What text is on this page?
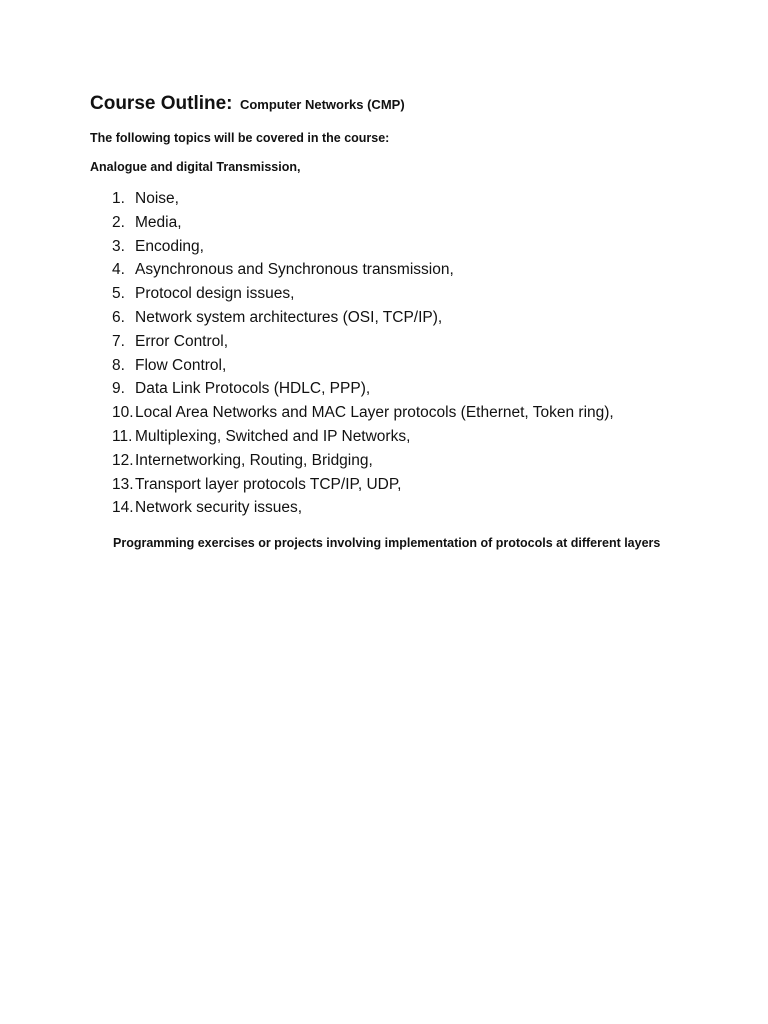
Course Outline: Computer Networks (CMP)
The following topics will be covered in the course:
Analogue and digital Transmission,
1. Noise,
2. Media,
3. Encoding,
4. Asynchronous and Synchronous transmission,
5. Protocol design issues,
6. Network system architectures (OSI, TCP/IP),
7. Error Control,
8. Flow Control,
9. Data Link Protocols (HDLC, PPP),
10. Local Area Networks and MAC Layer protocols (Ethernet, Token ring),
11. Multiplexing, Switched and IP Networks,
12. Internetworking, Routing, Bridging,
13. Transport layer protocols TCP/IP, UDP,
14. Network security issues,
Programming exercises or projects involving implementation of protocols at different layers
